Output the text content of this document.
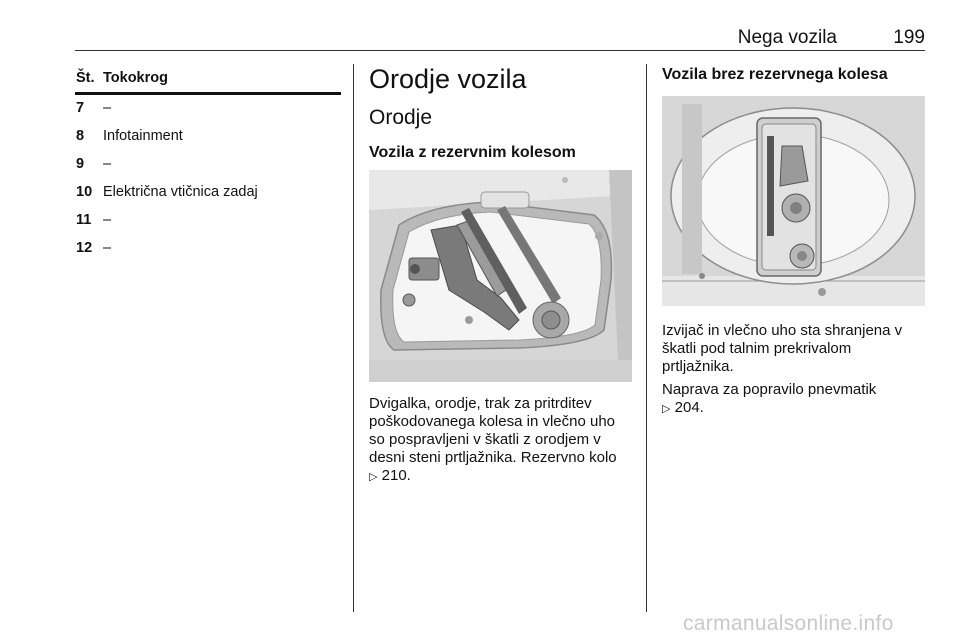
Nega vozila	199
Št. Tokokrog
7 –
8 Infotainment
9 –
10 Električna vtičnica zadaj
11 –
12 –
Orodje vozila
Orodje
Vozila z rezervnim kolesom
Dvigalka, orodje, trak za pritrditev
poškodovanega kolesa in vlečno uho
so pospravljeni v škatli z orodjem v
desni steni prtljažnika. Rezervno kolo
▷ 210.
Vozila brez rezervnega kolesa
Izvijač in vlečno uho sta shranjena v
škatli pod talnim prekrivalom
prtljažnika.
Naprava za popravilo pnevmatik
▷ 204.
carmanualsonline.info
